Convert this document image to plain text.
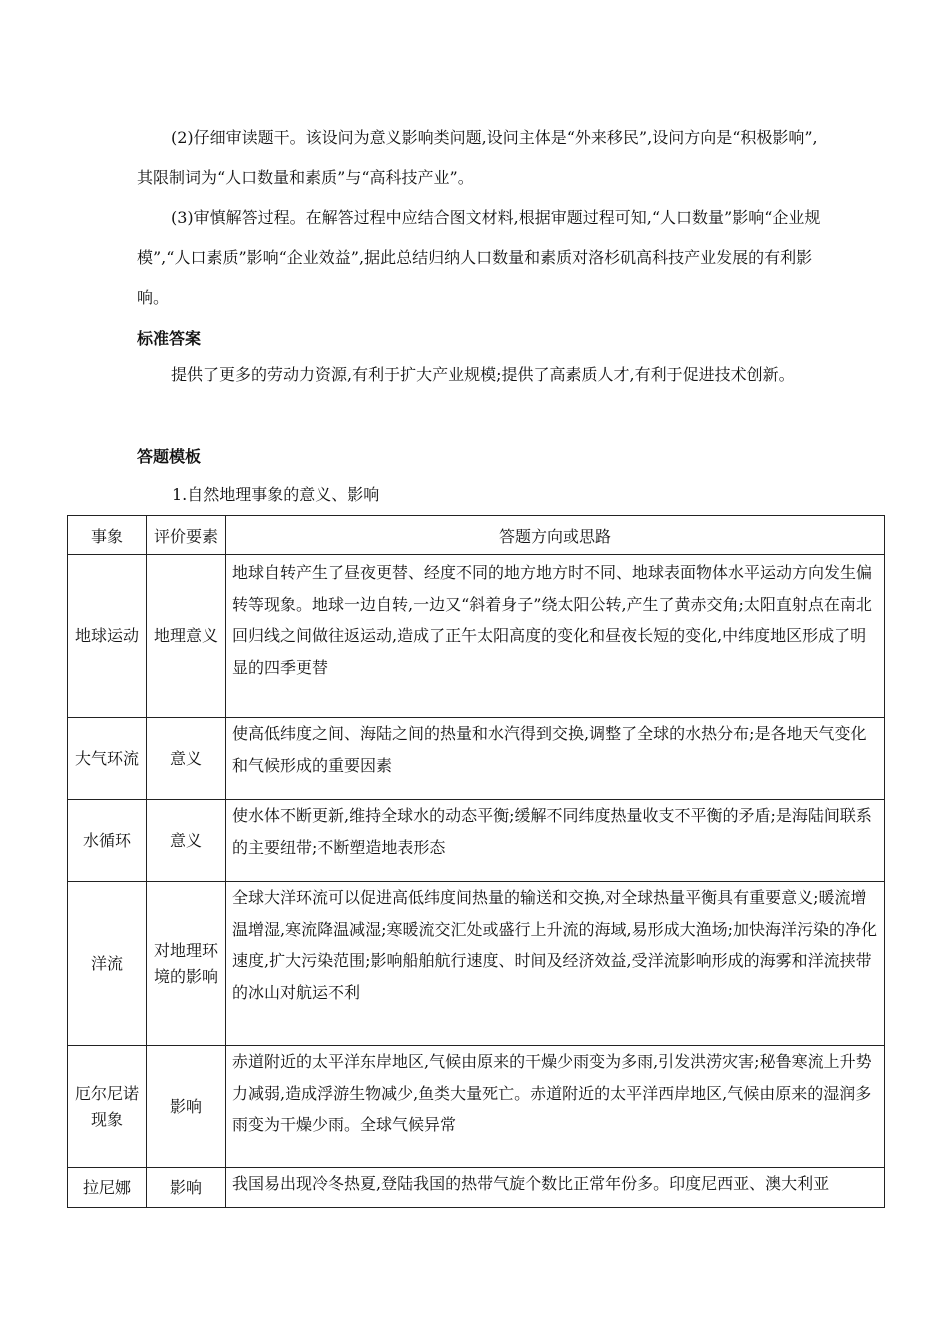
(2)仔细审读题干。该设问为意义影响类问题,设问主体是“外来移民”,设问方向是“积极影响”,其限制词为“人口数量和素质”与“高科技产业”。

(3)审慎解答过程。在解答过程中应结合图文材料,根据审题过程可知,“人口数量”影响“企业规模”,“人口素质”影响“企业效益”,据此总结归纳人口数量和素质对洛杉矶高科技产业发展的有利影响。

标准答案

提供了更多的劳动力资源,有利于扩大产业规模;提供了高素质人才,有利于促进技术创新。

答题模板

1.自然地理事象的意义、影响

事象	评价要素	答题方向或思路
地球运动	地理意义	地球自转产生了昼夜更替、经度不同的地方地方时不同、地球表面物体水平运动方向发生偏转等现象。地球一边自转,一边又“斜着身子”绕太阳公转,产生了黄赤交角;太阳直射点在南北回归线之间做往返运动,造成了正午太阳高度的变化和昼夜长短的变化,中纬度地区形成了明显的四季更替
大气环流	意义	使高低纬度之间、海陆之间的热量和水汽得到交换,调整了全球的水热分布;是各地天气变化和气候形成的重要因素
水循环	意义	使水体不断更新,维持全球水的动态平衡;缓解不同纬度热量收支不平衡的矛盾;是海陆间联系的主要纽带;不断塑造地表形态
洋流	对地理环境的影响	全球大洋环流可以促进高低纬度间热量的输送和交换,对全球热量平衡具有重要意义;暖流增温增湿,寒流降温减湿;寒暖流交汇处或盛行上升流的海域,易形成大渔场;加快海洋污染的净化速度,扩大污染范围;影响船舶航行速度、时间及经济效益,受洋流影响形成的海雾和洋流挟带的冰山对航运不利
厄尔尼诺现象	影响	赤道附近的太平洋东岸地区,气候由原来的干燥少雨变为多雨,引发洪涝灾害;秘鲁寒流上升势力减弱,造成浮游生物减少,鱼类大量死亡。赤道附近的太平洋西岸地区,气候由原来的湿润多雨变为干燥少雨。全球气候异常
拉尼娜	影响	我国易出现冷冬热夏,登陆我国的热带气旋个数比正常年份多。印度尼西亚、澳大利亚
